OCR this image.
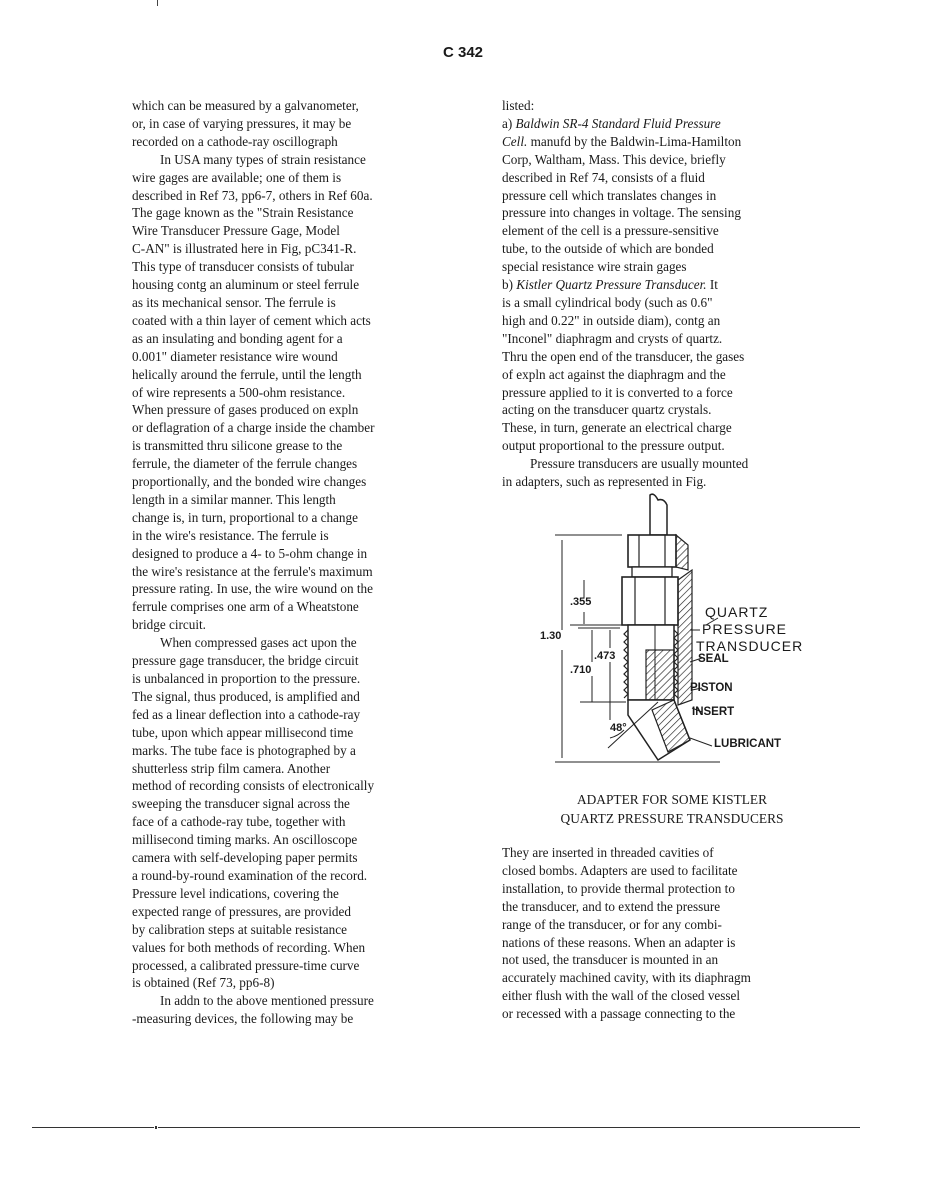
C 342
which can be measured by a galvanometer,
or, in case of varying pressures, it may be
recorded on a cathode-ray oscillograph
In USA many types of strain resistance
wire gages are available; one of them is
described in Ref 73, pp6-7, others in Ref 60a.
The gage known as the "Strain Resistance
Wire Transducer Pressure Gage, Model
C-AN" is illustrated here in Fig, pC341-R.
This type of transducer consists of tubular
housing contg an aluminum or steel ferrule
as its mechanical sensor. The ferrule is
coated with a thin layer of cement which acts
as an insulating and bonding agent for a
0.001" diameter resistance wire wound
helically around the ferrule, until the length
of wire represents a 500-ohm resistance.
When pressure of gases produced on expln
or deflagration of a charge inside the chamber
is transmitted thru silicone grease to the
ferrule, the diameter of the ferrule changes
proportionally, and the bonded wire changes
length in a similar manner. This length
change is, in turn, proportional to a change
in the wire's resistance. The ferrule is
designed to produce a 4- to 5-ohm change in
the wire's resistance at the ferrule's maximum
pressure rating. In use, the wire wound on the
ferrule comprises one arm of a Wheatstone
bridge circuit.
When compressed gases act upon the
pressure gage transducer, the bridge circuit
is unbalanced in proportion to the pressure.
The signal, thus produced, is amplified and
fed as a linear deflection into a cathode-ray
tube, upon which appear millisecond time
marks. The tube face is photographed by a
shutterless strip film camera. Another
method of recording consists of electronically
sweeping the transducer signal across the
face of a cathode-ray tube, together with
millisecond timing marks. An oscilloscope
camera with self-developing paper permits
a round-by-round examination of the record.
Pressure level indications, covering the
expected range of pressures, are provided
by calibration steps at suitable resistance
values for both methods of recording. When
processed, a calibrated pressure-time curve
is obtained (Ref 73, pp6-8)
In addn to the above mentioned pressure
-measuring devices, the following may be
listed:
a) Baldwin SR-4 Standard Fluid Pressure
Cell. manufd by the Baldwin-Lima-Hamilton
Corp, Waltham, Mass. This device, briefly
described in Ref 74, consists of a fluid
pressure cell which translates changes in
pressure into changes in voltage. The sensing
element of the cell is a pressure-sensitive
tube, to the outside of which are bonded
special resistance wire strain gages
b) Kistler Quartz Pressure Transducer. It
is a small cylindrical body (such as 0.6"
high and 0.22" in outside diam), contg an
"Inconel" diaphragm and crysts of quartz.
Thru the open end of the transducer, the gases
of expln act against the diaphragm and the
pressure applied to it is converted to a force
acting on the transducer quartz crystals.
These, in turn, generate an electrical charge
output proportional to the pressure output.
Pressure transducers are usually mounted
in adapters, such as represented in Fig.
.355
1.30
.473
.710
48°
QUARTZ
PRESSURE
TRANSDUCER
SEAL
PISTON
INSERT
LUBRICANT
ADAPTER FOR SOME KISTLER
QUARTZ PRESSURE TRANSDUCERS
They are inserted in threaded cavities of
closed bombs. Adapters are used to facilitate
installation, to provide thermal protection to
the transducer, and to extend the pressure
range of the transducer, or for any combi-
nations of these reasons. When an adapter is
not used, the transducer is mounted in an
accurately machined cavity, with its diaphragm
either flush with the wall of the closed vessel
or recessed with a passage connecting to the
